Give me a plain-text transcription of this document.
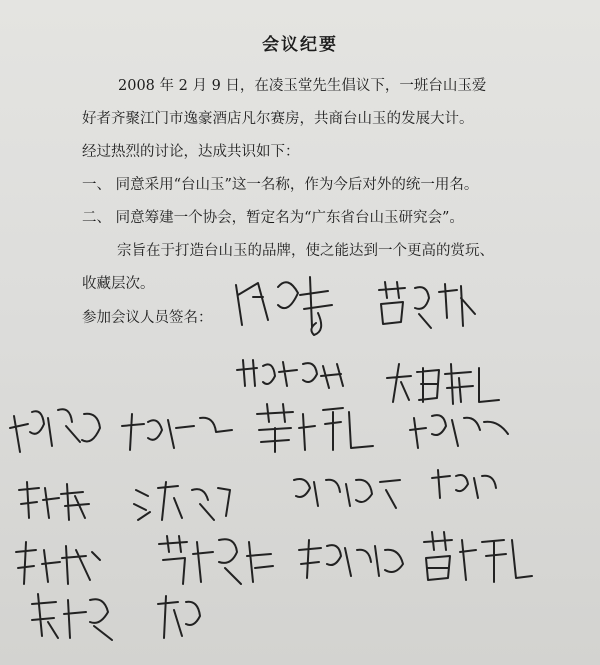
会议纪要
2008 年 2 月 9 日，在凌玉堂先生倡议下，一班台山玉爱
好者齐聚江门市逸豪酒店凡尔赛房，共商台山玉的发展大计。
经过热烈的讨论，达成共识如下：
一、 同意采用“台山玉”这一名称，作为今后对外的统一用名。
二、 同意筹建一个协会，暂定名为“广东省台山玉研究会”。
宗旨在于打造台山玉的品牌，使之能达到一个更高的赏玩、
收藏层次。
参加会议人员签名：
